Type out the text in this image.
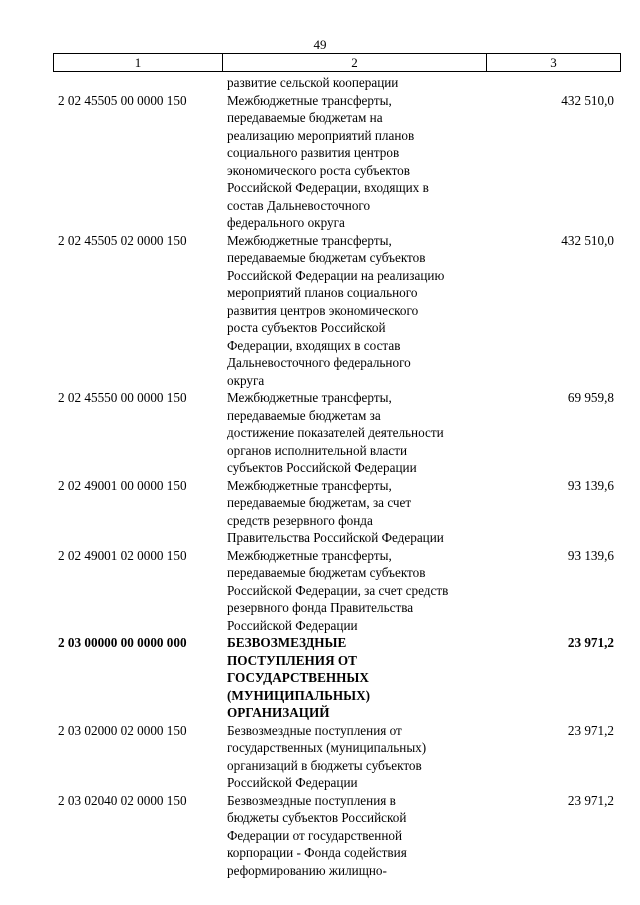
49
1	2	3
развитие сельской кооперации
2 02 45505 00 0000 150	Межбюджетные трансферты,
передаваемые бюджетам на
реализацию мероприятий планов
социального развития центров
экономического роста субъектов
Российской Федерации, входящих в
состав Дальневосточного
федерального округа
432 510,0
2 02 45505 02 0000 150	Межбюджетные трансферты,
передаваемые бюджетам субъектов
Российской Федерации на реализацию
мероприятий планов социального
развития центров экономического
роста субъектов Российской
Федерации, входящих в состав
Дальневосточного федерального
округа
432 510,0
2 02 45550 00 0000 150	Межбюджетные трансферты,
передаваемые бюджетам за
достижение показателей деятельности
органов исполнительной власти
субъектов Российской Федерации
69 959,8
2 02 49001 00 0000 150	Межбюджетные трансферты,
передаваемые бюджетам, за счет
средств резервного фонда
Правительства Российской Федерации
93 139,6
2 02 49001 02 0000 150	Межбюджетные трансферты,
передаваемые бюджетам субъектов
Российской Федерации, за счет средств
резервного фонда Правительства
Российской Федерации
93 139,6
2 03 00000 00 0000 000	БЕЗВОЗМЕЗДНЫЕ
ПОСТУПЛЕНИЯ ОТ
ГОСУДАРСТВЕННЫХ
(МУНИЦИПАЛЬНЫХ)
ОРГАНИЗАЦИЙ
23 971,2
2 03 02000 02 0000 150	Безвозмездные поступления от
государственных (муниципальных)
организаций в бюджеты субъектов
Российской Федерации
23 971,2
2 03 02040 02 0000 150	Безвозмездные поступления в
бюджеты субъектов Российской
Федерации от государственной
корпорации - Фонда содействия
реформированию жилищно-
23 971,2
